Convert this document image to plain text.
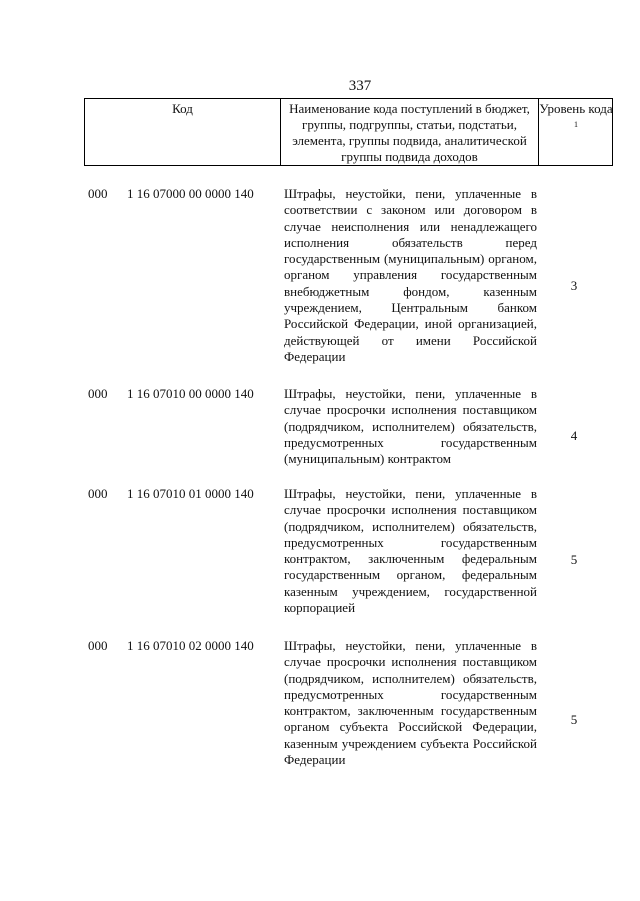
337
Код	Наименование кода поступлений в бюджет, группы, подгруппы, статьи, подстатьи, элемента, группы подвида, аналитической группы подвида доходов
Уровень кода $^1$
000 1 16 07000 00 0000 140 Штрафы, неустойки, пени, уплаченные в соответствии с законом или договором в случае неисполнения или ненадлежащего исполнения обязательств перед государственным (муниципальным) органом, органом управления государственным внебюджетным фондом, казенным учреждением, Центральным банком Российской Федерации, иной организацией, действующей от имени Российской Федерации
3
000 1 16 07010 00 0000 140 Штрафы, неустойки, пени, уплаченные в случае просрочки исполнения поставщиком (подрядчиком, исполнителем) обязательств, предусмотренных государственным (муниципальным) контрактом
4
000 1 16 07010 01 0000 140 Штрафы, неустойки, пени, уплаченные в случае просрочки исполнения поставщиком (подрядчиком, исполнителем) обязательств, предусмотренных государственным контрактом, заключенным федеральным государственным органом, федеральным казенным учреждением, государственной корпорацией
5
000 1 16 07010 02 0000 140 Штрафы, неустойки, пени, уплаченные в случае просрочки исполнения поставщиком (подрядчиком, исполнителем) обязательств, предусмотренных государственным контрактом, заключенным государственным органом субъекта Российской Федерации, казенным учреждением субъекта Российской Федерации
5
